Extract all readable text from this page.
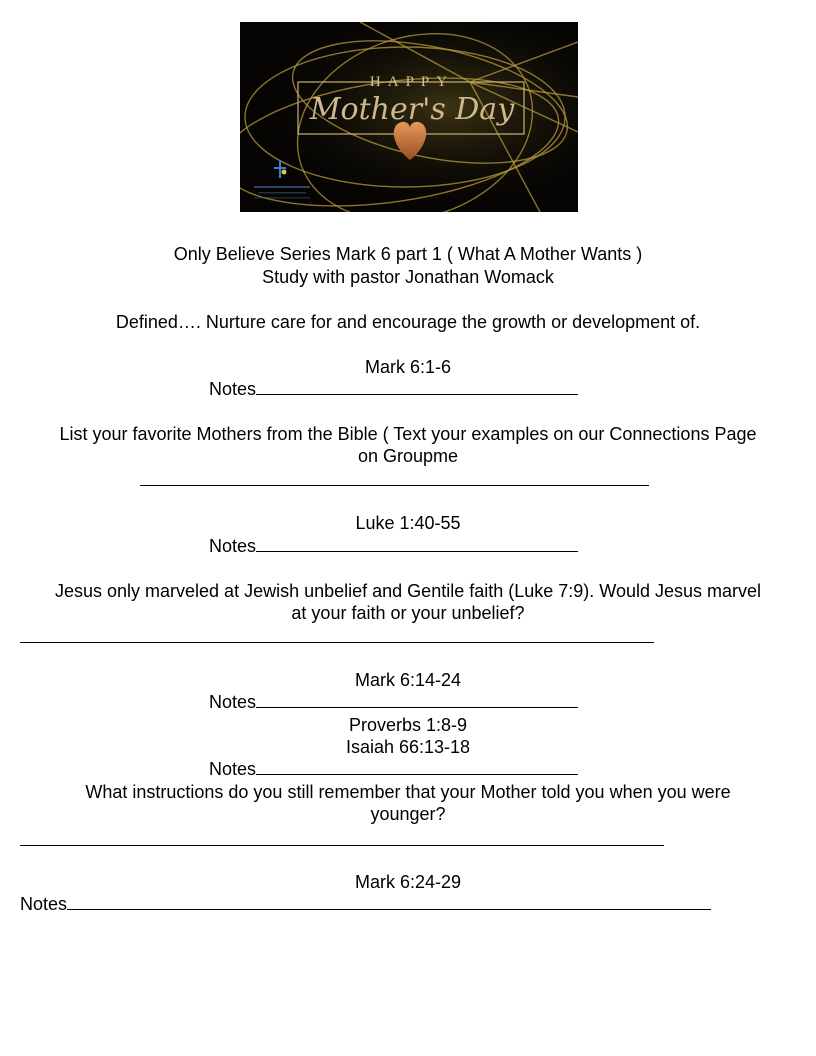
HAPPY
Mother's Day
Only Believe Series Mark 6 part 1 ( What A Mother Wants )
Study with pastor Jonathan Womack
Defined…. Nurture care for and encourage the growth or development of.
Mark 6:1-6
Notes
List your favorite Mothers from the Bible ( Text your examples on our Connections Page
on Groupme
Luke 1:40-55
Notes
Jesus only marveled at Jewish unbelief and Gentile faith (Luke 7:9). Would Jesus marvel
at your faith or your unbelief?
Mark 6:14-24
Notes
Proverbs 1:8-9
Isaiah 66:13-18
Notes
What instructions do you still remember that your Mother told you when you were
younger?
Mark 6:24-29
Notes
